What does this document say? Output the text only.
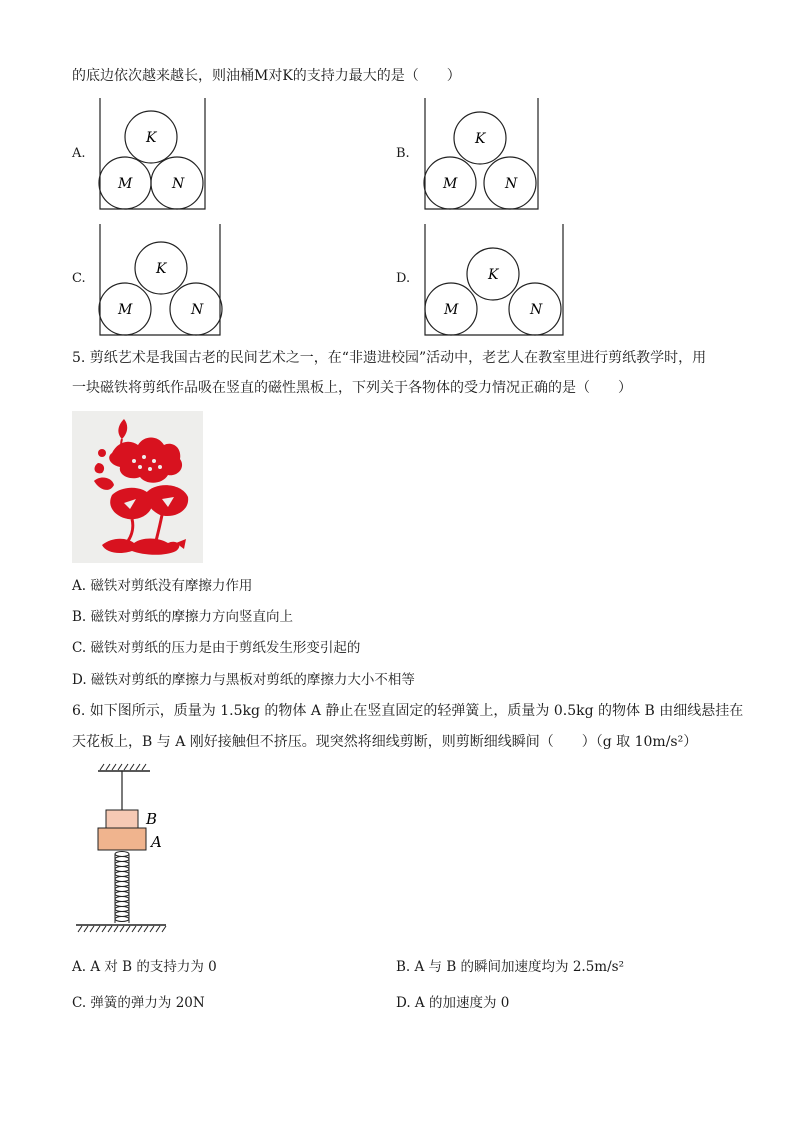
的底边依次越来越长，则油桶M对K的支持力最大的是（　　）
A.
K
M	N
B.
K
M	N
C.
K
M	N
D.	K
M	N
5. 剪纸艺术是我国古老的民间艺术之一，在“非遗进校园”活动中，老艺人在教室里进行剪纸教学时，用
一块磁铁将剪纸作品吸在竖直的磁性黑板上，下列关于各物体的受力情况正确的是（　　）
A. 磁铁对剪纸没有摩擦力作用
B. 磁铁对剪纸的摩擦力方向竖直向上
C. 磁铁对剪纸的压力是由于剪纸发生形变引起的
D. 磁铁对剪纸的摩擦力与黑板对剪纸的摩擦力大小不相等
6. 如下图所示，质量为 1.5kg 的物体 A 静止在竖直固定的轻弹簧上，质量为 0.5kg 的物体 B 由细线悬挂在
天花板上，B 与 A 刚好接触但不挤压。现突然将细线剪断，则剪断细线瞬间（　　）（g 取 10m/s²）
B
A
A. A 对 B 的支持力为 0	B. A 与 B 的瞬间加速度均为 2.5m/s²
C. 弹簧的弹力为 20N	D. A 的加速度为 0
